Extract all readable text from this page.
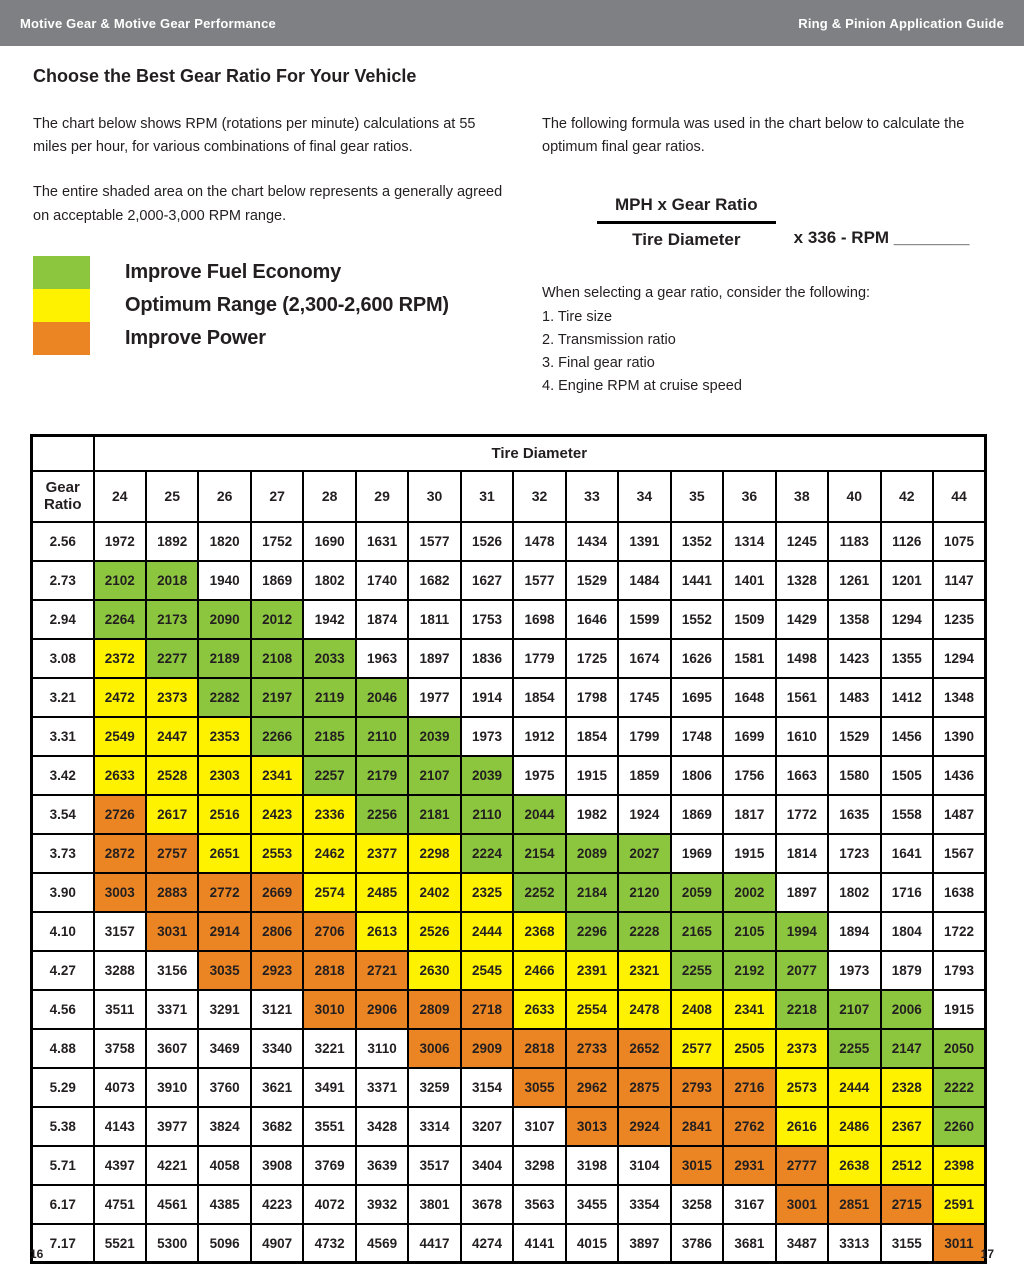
Motive Gear & Motive Gear Performance	Ring & Pinion Application Guide
Choose the Best Gear Ratio For Your Vehicle

The chart below shows RPM (rotations per minute) calculations at 55 miles per hour, for various combinations of final gear ratios.

The entire shaded area on the chart below represents a generally agreed on acceptable 2,000-3,000 RPM range.

Improve Fuel Economy
Optimum Range (2,300-2,600 RPM)
Improve Power

The following formula was used in the chart below to calculate the optimum final gear ratios.

$\frac{\text{MPH x Gear Ratio}}{\text{Tire Diameter}}$ x 336 - RPM ________

When selecting a gear ratio, consider the following:

1. Tire size

2. Transmission ratio

3. Final gear ratio

4. Engine RPM at cruise speed

	Tire Diameter																
Gear
Ratio	24	25	26	27	28	29	30	31	32	33	34	35	36	38	40	42	44
2.56	1972	1892	1820	1752	1690	1631	1577	1526	1478	1434	1391	1352	1314	1245	1183	1126	1075
2.73	2102	2018	1940	1869	1802	1740	1682	1627	1577	1529	1484	1441	1401	1328	1261	1201	1147
2.94	2264	2173	2090	2012	1942	1874	1811	1753	1698	1646	1599	1552	1509	1429	1358	1294	1235
3.08	2372	2277	2189	2108	2033	1963	1897	1836	1779	1725	1674	1626	1581	1498	1423	1355	1294
3.21	2472	2373	2282	2197	2119	2046	1977	1914	1854	1798	1745	1695	1648	1561	1483	1412	1348
3.31	2549	2447	2353	2266	2185	2110	2039	1973	1912	1854	1799	1748	1699	1610	1529	1456	1390
3.42	2633	2528	2303	2341	2257	2179	2107	2039	1975	1915	1859	1806	1756	1663	1580	1505	1436
3.54	2726	2617	2516	2423	2336	2256	2181	2110	2044	1982	1924	1869	1817	1772	1635	1558	1487
3.73	2872	2757	2651	2553	2462	2377	2298	2224	2154	2089	2027	1969	1915	1814	1723	1641	1567
3.90	3003	2883	2772	2669	2574	2485	2402	2325	2252	2184	2120	2059	2002	1897	1802	1716	1638
4.10	3157	3031	2914	2806	2706	2613	2526	2444	2368	2296	2228	2165	2105	1994	1894	1804	1722
4.27	3288	3156	3035	2923	2818	2721	2630	2545	2466	2391	2321	2255	2192	2077	1973	1879	1793
4.56	3511	3371	3291	3121	3010	2906	2809	2718	2633	2554	2478	2408	2341	2218	2107	2006	1915
4.88	3758	3607	3469	3340	3221	3110	3006	2909	2818	2733	2652	2577	2505	2373	2255	2147	2050
5.29	4073	3910	3760	3621	3491	3371	3259	3154	3055	2962	2875	2793	2716	2573	2444	2328	2222
5.38	4143	3977	3824	3682	3551	3428	3314	3207	3107	3013	2924	2841	2762	2616	2486	2367	2260
5.71	4397	4221	4058	3908	3769	3639	3517	3404	3298	3198	3104	3015	2931	2777	2638	2512	2398
6.17	4751	4561	4385	4223	4072	3932	3801	3678	3563	3455	3354	3258	3167	3001	2851	2715	2591
7.17	5521	5300	5096	4907	4732	4569	4417	4274	4141	4015	3897	3786	3681	3487	3313	3155	3011
16	17
